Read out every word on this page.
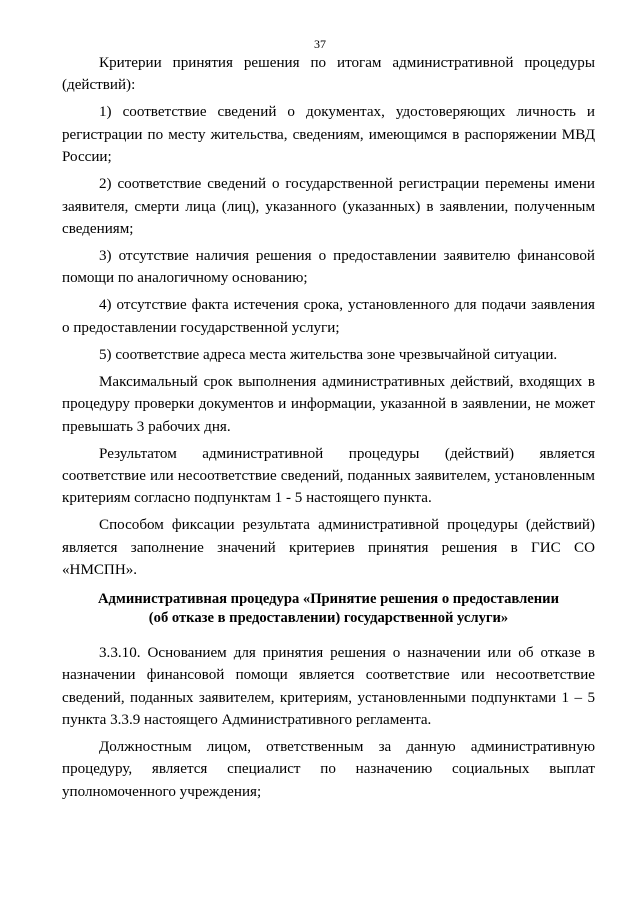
37

Критерии принятия решения по итогам административной процедуры (действий):

1) соответствие сведений о документах, удостоверяющих личность и регистрации по месту жительства, сведениям, имеющимся в распоряжении МВД России;

2) соответствие сведений о государственной регистрации перемены имени заявителя, смерти лица (лиц), указанного (указанных) в заявлении, полученным сведениям;

3) отсутствие наличия решения о предоставлении заявителю финансовой помощи по аналогичному основанию;

4) отсутствие факта истечения срока, установленного для подачи заявления о предоставлении государственной услуги;

5) соответствие адреса места жительства зоне чрезвычайной ситуации.

Максимальный срок выполнения административных действий, входящих в процедуру проверки документов и информации, указанной в заявлении, не может превышать 3 рабочих дня.

Результатом административной процедуры (действий) является соответствие или несоответствие сведений, поданных заявителем, установленным критериям согласно подпунктам 1 - 5 настоящего пункта.

Способом фиксации результата административной процедуры (действий) является заполнение значений критериев принятия решения в ГИС СО «НМСПН».

Административная процедура «Принятие решения о предоставлении
(об отказе в предоставлении) государственной услуги»

3.3.10. Основанием для принятия решения о назначении или об отказе в назначении финансовой помощи является соответствие или несоответствие сведений, поданных заявителем, критериям, установленными подпунктами 1 – 5 пункта 3.3.9 настоящего Административного регламента.

Должностным лицом, ответственным за данную административную процедуру, является специалист по назначению социальных выплат уполномоченного учреждения;
